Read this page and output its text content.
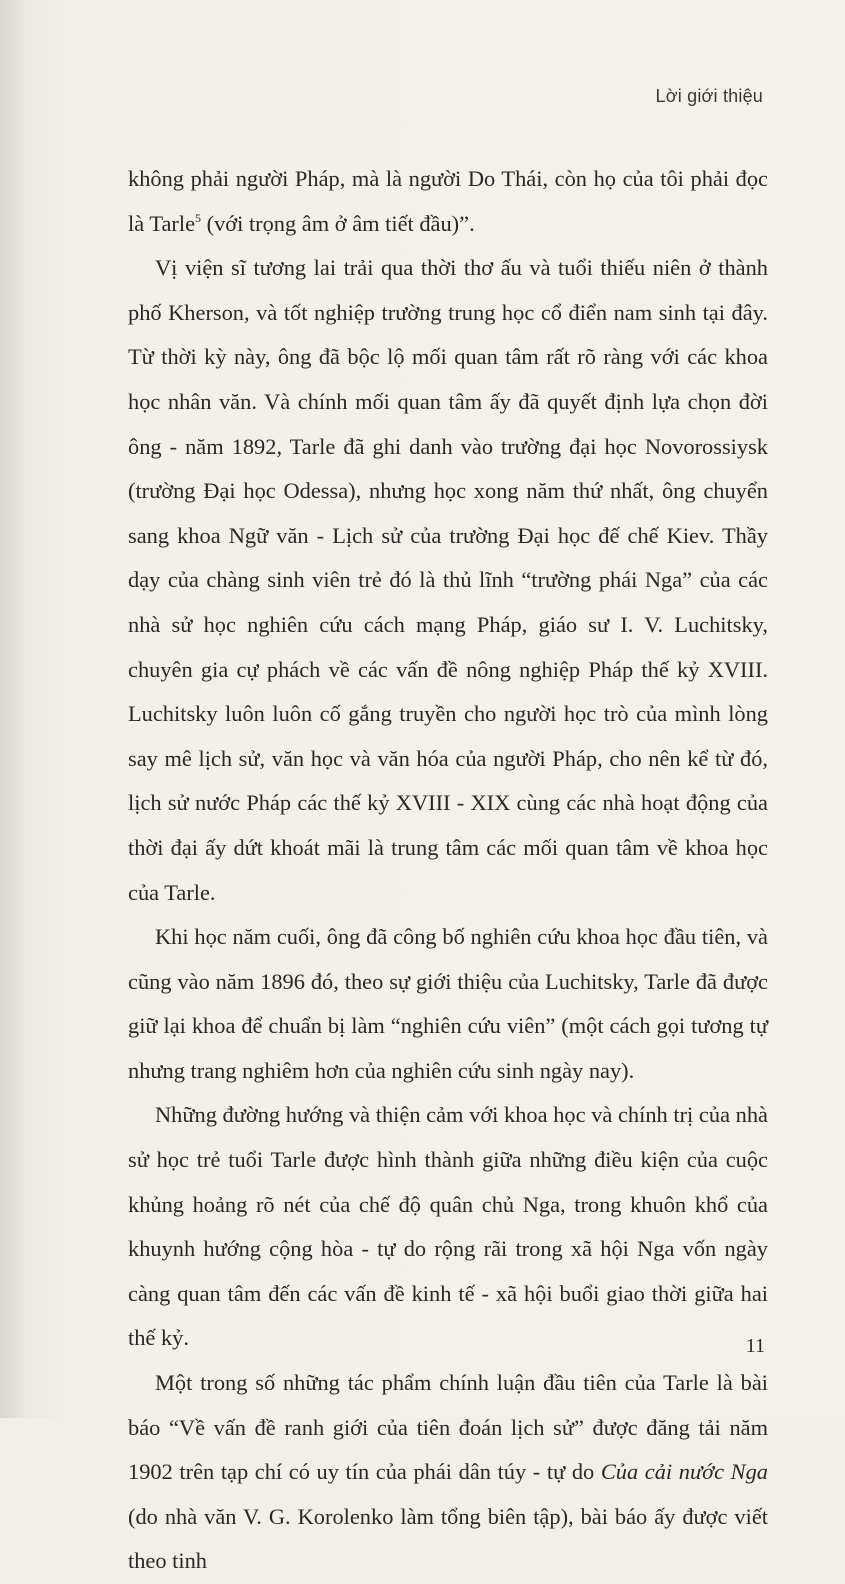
Lời giới thiệu

không phải người Pháp, mà là người Do Thái, còn họ của tôi phải đọc là Tarle$^5$ (với trọng âm ở âm tiết đầu)”.

Vị viện sĩ tương lai trải qua thời thơ ấu và tuổi thiếu niên ở thành phố Kherson, và tốt nghiệp trường trung học cổ điển nam sinh tại đây. Từ thời kỳ này, ông đã bộc lộ mối quan tâm rất rõ ràng với các khoa học nhân văn. Và chính mối quan tâm ấy đã quyết định lựa chọn đời ông - năm 1892, Tarle đã ghi danh vào trường đại học Novorossiysk (trường Đại học Odessa), nhưng học xong năm thứ nhất, ông chuyển sang khoa Ngữ văn - Lịch sử của trường Đại học đế chế Kiev. Thầy dạy của chàng sinh viên trẻ đó là thủ lĩnh “trường phái Nga” của các nhà sử học nghiên cứu cách mạng Pháp, giáo sư I. V. Luchitsky, chuyên gia cự phách về các vấn đề nông nghiệp Pháp thế kỷ XVIII. Luchitsky luôn luôn cố gắng truyền cho người học trò của mình lòng say mê lịch sử, văn học và văn hóa của người Pháp, cho nên kể từ đó, lịch sử nước Pháp các thế kỷ XVIII - XIX cùng các nhà hoạt động của thời đại ấy dứt khoát mãi là trung tâm các mối quan tâm về khoa học của Tarle.

Khi học năm cuối, ông đã công bố nghiên cứu khoa học đầu tiên, và cũng vào năm 1896 đó, theo sự giới thiệu của Luchitsky, Tarle đã được giữ lại khoa để chuẩn bị làm “nghiên cứu viên” (một cách gọi tương tự nhưng trang nghiêm hơn của nghiên cứu sinh ngày nay).

Những đường hướng và thiện cảm với khoa học và chính trị của nhà sử học trẻ tuổi Tarle được hình thành giữa những điều kiện của cuộc khủng hoảng rõ nét của chế độ quân chủ Nga, trong khuôn khổ của khuynh hướng cộng hòa - tự do rộng rãi trong xã hội Nga vốn ngày càng quan tâm đến các vấn đề kinh tế - xã hội buổi giao thời giữa hai thế kỷ.

Một trong số những tác phẩm chính luận đầu tiên của Tarle là bài báo “Về vấn đề ranh giới của tiên đoán lịch sử” được đăng tải năm 1902 trên tạp chí có uy tín của phái dân túy - tự do Của cải nước Nga (do nhà văn V. G. Korolenko làm tổng biên tập), bài báo ấy được viết theo tinh

11
